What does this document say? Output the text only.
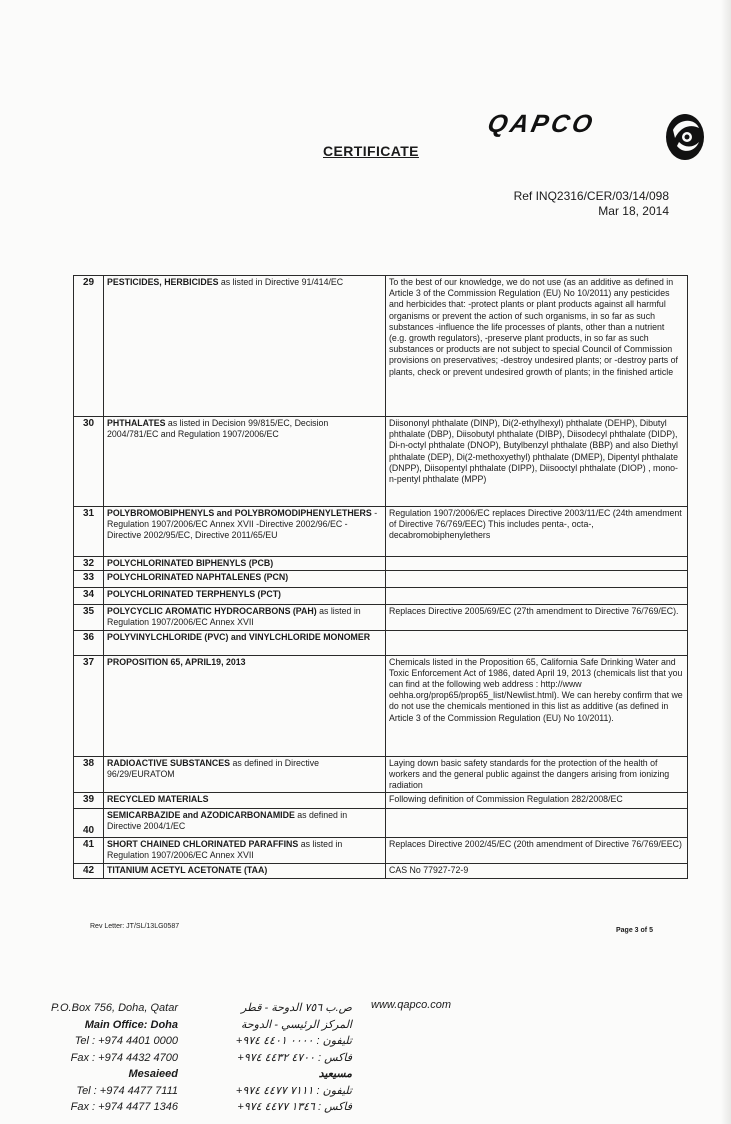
QAPCO
CERTIFICATE
Ref INQ2316/CER/03/14/098
Mar 18, 2014
29	PESTICIDES, HERBICIDES as listed in Directive 91/414/EC	To the best of our knowledge, we do not use (as an additive as defined in Article 3 of the Commission Regulation (EU) No 10/2011) any pesticides and herbicides that: -protect plants or plant products against all harmful organisms or prevent the action of such organisms, in so far as such substances -influence the life processes of plants, other than a nutrient (e.g. growth regulators), -preserve plant products, in so far as such substances or products are not subject to special Council of Commission provisions on preservatives; -destroy undesired plants; or -destroy parts of plants, check or prevent undesired growth of plants; in the finished article
30	PHTHALATES as listed in Decision 99/815/EC, Decision 2004/781/EC and Regulation 1907/2006/EC	Diisononyl phthalate (DINP), Di(2-ethylhexyl) phthalate (DEHP), Dibutyl phthalate (DBP), Diisobutyl phthalate (DIBP), Diisodecyl phthalate (DIDP), Di-n-octyl phthalate (DNOP), Butylbenzyl phthalate (BBP) and also Diethyl phthalate (DEP), Di(2-methoxyethyl) phthalate (DMEP), Dipentyl phthalate (DNPP), Diisopentyl phthalate (DIPP), Diisooctyl phthalate (DIOP) , mono-n-pentyl phthalate (MPP)
31	POLYBROMOBIPHENYLS and POLYBROMODIPHENYLETHERS -Regulation 1907/2006/EC Annex XVII -Directive 2002/96/EC - Directive 2002/95/EC, Directive 2011/65/EU	Regulation 1907/2006/EC replaces Directive 2003/11/EC (24th amendment of Directive 76/769/EEC) This includes penta-, octa-, decabromobiphenylethers
32	POLYCHLORINATED BIPHENYLS (PCB)	
33	POLYCHLORINATED NAPHTALENES (PCN)	
34	POLYCHLORINATED TERPHENYLS (PCT)	
35	POLYCYCLIC AROMATIC HYDROCARBONS (PAH) as listed in Regulation 1907/2006/EC Annex XVII	Replaces Directive 2005/69/EC (27th amendment to Directive 76/769/EC).
36	POLYVINYLCHLORIDE (PVC) and VINYLCHLORIDE MONOMER	
37	PROPOSITION 65, APRIL19, 2013	Chemicals listed in the Proposition 65, California Safe Drinking Water and Toxic Enforcement Act of 1986, dated April 19, 2013 (chemicals list that you can find at the following web address : http://www oehha.org/prop65/prop65_list/Newlist.html). We can hereby confirm that we do not use the chemicals mentioned in this list as additive (as defined in Article 3 of the Commission Regulation (EU) No 10/2011).
38	RADIOACTIVE SUBSTANCES as defined in Directive 96/29/EURATOM	Laying down basic safety standards for the protection of the health of workers and the general public against the dangers arising from ionizing radiation
39	RECYCLED MATERIALS	Following definition of Commission Regulation 282/2008/EC
40	SEMICARBAZIDE and AZODICARBONAMIDE as defined in Directive 2004/1/EC	
41	SHORT CHAINED CHLORINATED PARAFFINS as listed in Regulation 1907/2006/EC Annex XVII	Replaces Directive 2002/45/EC (20th amendment of Directive 76/769/EEC)
42	TITANIUM ACETYL ACETONATE (TAA)	CAS No 77927-72-9
Rev Letter: JT/SL/13LG0587
Page 3 of 5
P.O.Box 756, Doha, Qatar
Main Office: Doha
Tel : +974 4401 0000
Fax : +974 4432 4700
Mesaieed
Tel : +974 4477 7111
Fax : +974 4477 1346
ص.ب ٧٥٦ الدوحة - قطر
المركز الرئيسي - الدوحة
تليفون : ٠٠٠٠ ٤٤٠١ ٩٧٤+
فاكس : ٤٧٠٠ ٤٤٣٢ ٩٧٤+
مسيعيد
تليفون : ٧١١١ ٤٤٧٧ ٩٧٤+
فاكس : ١٣٤٦ ٤٤٧٧ ٩٧٤+
www.qapco.com
